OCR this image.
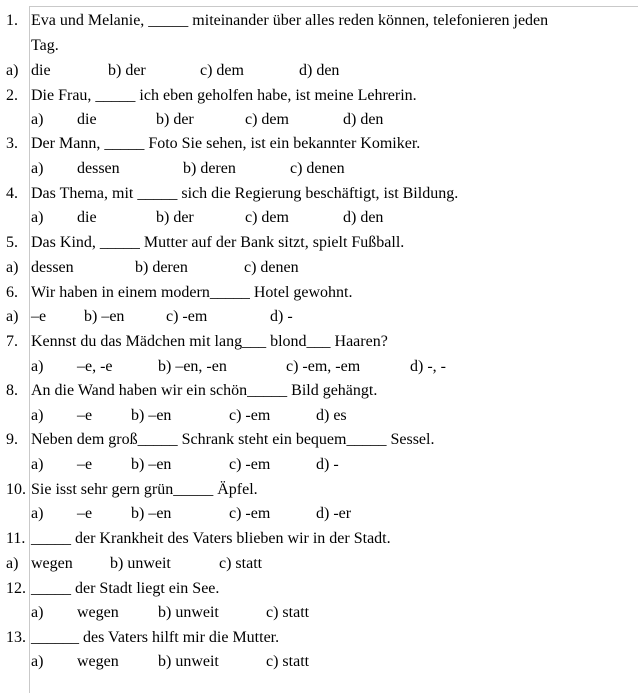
1. Eva und Melanie, _____ miteinander über alles reden können, telefonieren jeden
Tag.
a) die	b) der	c) dem	d) den
2. Die Frau, _____ ich eben geholfen habe, ist meine Lehrerin.
a) die	b) der	c) dem	d) den
3. Der Mann, _____ Foto Sie sehen, ist ein bekannter Komiker.
a) dessen	b) deren	c) denen
4. Das Thema, mit _____ sich die Regierung beschäftigt, ist Bildung.
a) die	b) der	c) dem	d) den
5. Das Kind, _____ Mutter auf der Bank sitzt, spielt Fußball.
a) dessen	b) deren	c) denen
6. Wir haben in einem modern_____ Hotel gewohnt.
a) –e b) –en	c) -em	d) -
7. Kennst du das Mädchen mit lang___ blond___ Haaren?
a) –e, -e	b) –en, -en	c) -em, -em	d) -, -
8. An die Wand haben wir ein schön_____ Bild gehängt.
a) –e b) –en	c) -em	d) es
9. Neben dem groß_____ Schrank steht ein bequem_____ Sessel.
a) –e b) –en	c) -em	d) -
10. Sie isst sehr gern grün_____ Äpfel.
a) –e b) –en	c) -em	d) -er
11. _____ der Krankheit des Vaters blieben wir in der Stadt.
a) wegen b) unweit	c) statt
12. _____ der Stadt liegt ein See.
a) wegen b) unweit	c) statt
13. ______ des Vaters hilft mir die Mutter.
a) wegen b) unweit	c) statt
